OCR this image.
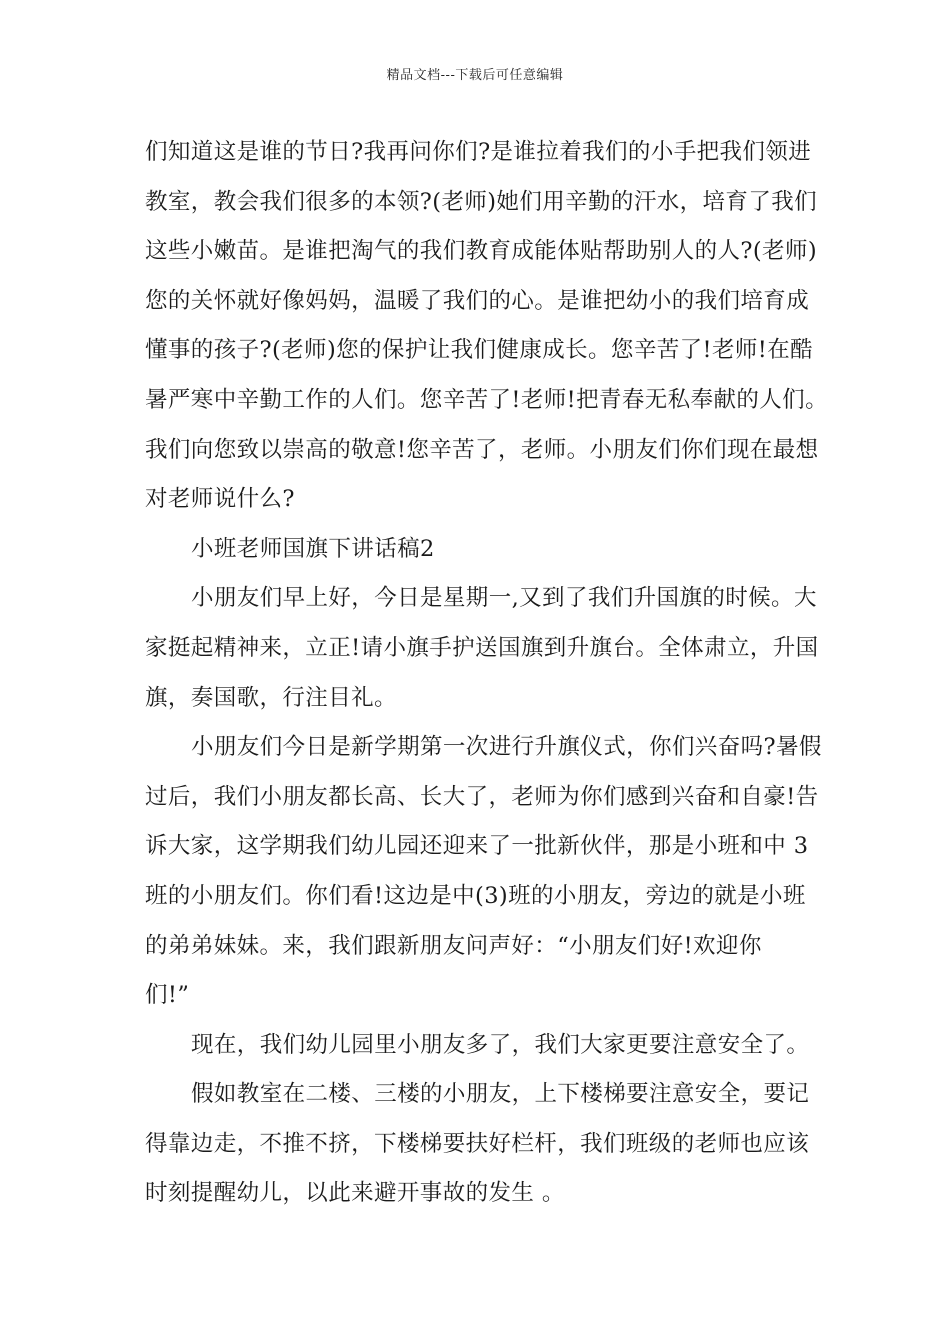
精品文档---下载后可任意编辑
们知道这是谁的节日?我再问你们?是谁拉着我们的小手把我们领进
教室，教会我们很多的本领?(老师)她们用辛勤的汗水，培育了我们
这些小嫩苗。是谁把淘气的我们教育成能体贴帮助别人的人?(老师)
您的关怀就好像妈妈，温暖了我们的心。是谁把幼小的我们培育成
懂事的孩子?(老师)您的保护让我们健康成长。您辛苦了!老师!在酷
暑严寒中辛勤工作的人们。您辛苦了!老师!把青春无私奉献的人们。
我们向您致以崇高的敬意!您辛苦了，老师。小朋友们你们现在最想
对老师说什么?
小班老师国旗下讲话稿2
小朋友们早上好，今日是星期一,又到了我们升国旗的时候。大
家挺起精神来，立正!请小旗手护送国旗到升旗台。全体肃立，升国
旗，奏国歌，行注目礼。
小朋友们今日是新学期第一次进行升旗仪式，你们兴奋吗?暑假
过后，我们小朋友都长高、长大了，老师为你们感到兴奋和自豪!告
诉大家，这学期我们幼儿园还迎来了一批新伙伴，那是小班和中 3
班的小朋友们。你们看!这边是中(3)班的小朋友，旁边的就是小班
的弟弟妹妹。来，我们跟新朋友问声好：“小朋友们好!欢迎你
们!”
现在，我们幼儿园里小朋友多了，我们大家更要注意安全了。
假如教室在二楼、三楼的小朋友，上下楼梯要注意安全，要记
得靠边走，不推不挤，下楼梯要扶好栏杆，我们班级的老师也应该
时刻提醒幼儿，以此来避开事故的发生 。
